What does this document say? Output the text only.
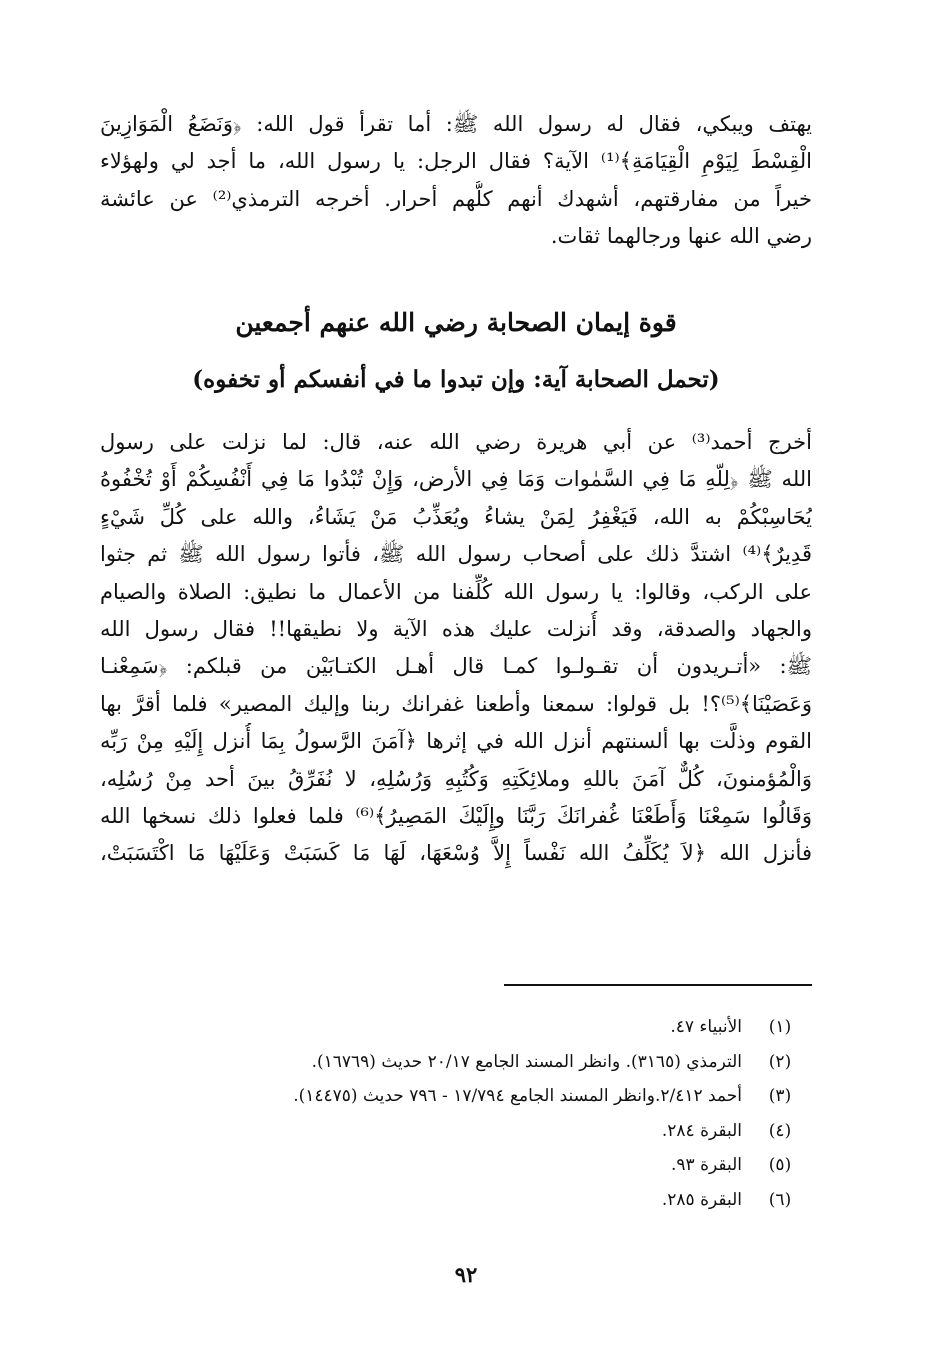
يهتف ويبكي، فقال له رسول الله ﷺ: أما تقرأ قول الله: ﴿وَنَضَعُ الْمَوَازِينَ
الْقِسْطَ لِيَوْمِ الْقِيَامَةِ﴾⁽¹⁾ الآية؟ فقال الرجل: يا رسول الله، ما أجد لي ولهؤلاء
خيراً من مفارقتهم، أشهدك أنهم كلُّهم أحرار. أخرجه الترمذي⁽²⁾ عن عائشة
رضي الله عنها ورجالهما ثقات.
قوة إيمان الصحابة رضي الله عنهم أجمعين
(تحمل الصحابة آية: وإن تبدوا ما في أنفسكم أو تخفوه)
أخرج أحمد⁽³⁾ عن أبي هريرة رضي الله عنه، قال: لما نزلت على رسول
الله ﷺ ﴿لِلّهِ مَا فِي السَّمٰوات وَمَا فِي الأرض، وَإِنْ تُبْدُوا مَا فِي أَنْفُسِكُمْ أَوْ تُخْفُوهُ
يُحَاسِبْكُمْ به الله، فَيَغْفِرُ لِمَنْ يشاءُ ويُعَذِّبُ مَنْ يَشَاءُ، والله على كُلِّ شَيْءٍ
قَدِيرٌ﴾⁽⁴⁾ اشتدَّ ذلك على أصحاب رسول الله ﷺ، فأتوا رسول الله ﷺ ثم جثوا
على الركب، وقالوا: يا رسول الله كُلِّفنا من الأعمال ما نطيق: الصلاة والصيام
والجهاد والصدقة، وقد أُنزلت عليك هذه الآية ولا نطيقها!! فقال رسول الله
ﷺ: «أتـريدون أن تقـولـوا كمـا قال أهـل الكتـابَيْن من قبلكم: ﴿سَمِعْنـا
وَعَصَيْنَا﴾⁽⁵⁾؟! بل قولوا: سمعنا وأطعنا غفرانك ربنا وإليك المصير» فلما أقرَّ بها
القوم وذلَّت بها ألسنتهم أنزل الله في إثرها ﴿آمَنَ الرَّسولُ بِمَا أُنزل إِلَيْهِ مِنْ رَبِّه
وَالْمُؤمنونَ، كُلٌّ آمَنَ باللهِ وملائِكَتِهِ وَكُتُبِهِ وَرُسُلِهِ، لا نُفَرِّقُ بينَ أحد مِنْ رُسُلِه،
وَقَالُوا سَمِعْنَا وَأَطَعْنَا غُفرانَكَ رَبَّنَا وإِلَيْكَ المَصِيرُ﴾⁽⁶⁾ فلما فعلوا ذلك نسخها الله
فأنزل الله ﴿لاَ يُكَلِّفُ الله نَفْساً إِلاَّ وُسْعَهَا، لَهَا مَا كَسَبَتْ وَعَلَيْهَا مَا اكْتَسَبَتْ،
(١)
الأنبياء ٤٧.
(٢)
الترمذي (٣١٦٥). وانظر المسند الجامع ٢٠/١٧ حديث (١٦٧٦٩).
(٣)
أحمد ٢/٤١٢.وانظر المسند الجامع ١٧/٧٩٤ - ٧٩٦ حديث (١٤٤٧٥).
(٤)
البقرة ٢٨٤.
(٥)
البقرة ٩٣.
(٦)
البقرة ٢٨٥.
٩٢
